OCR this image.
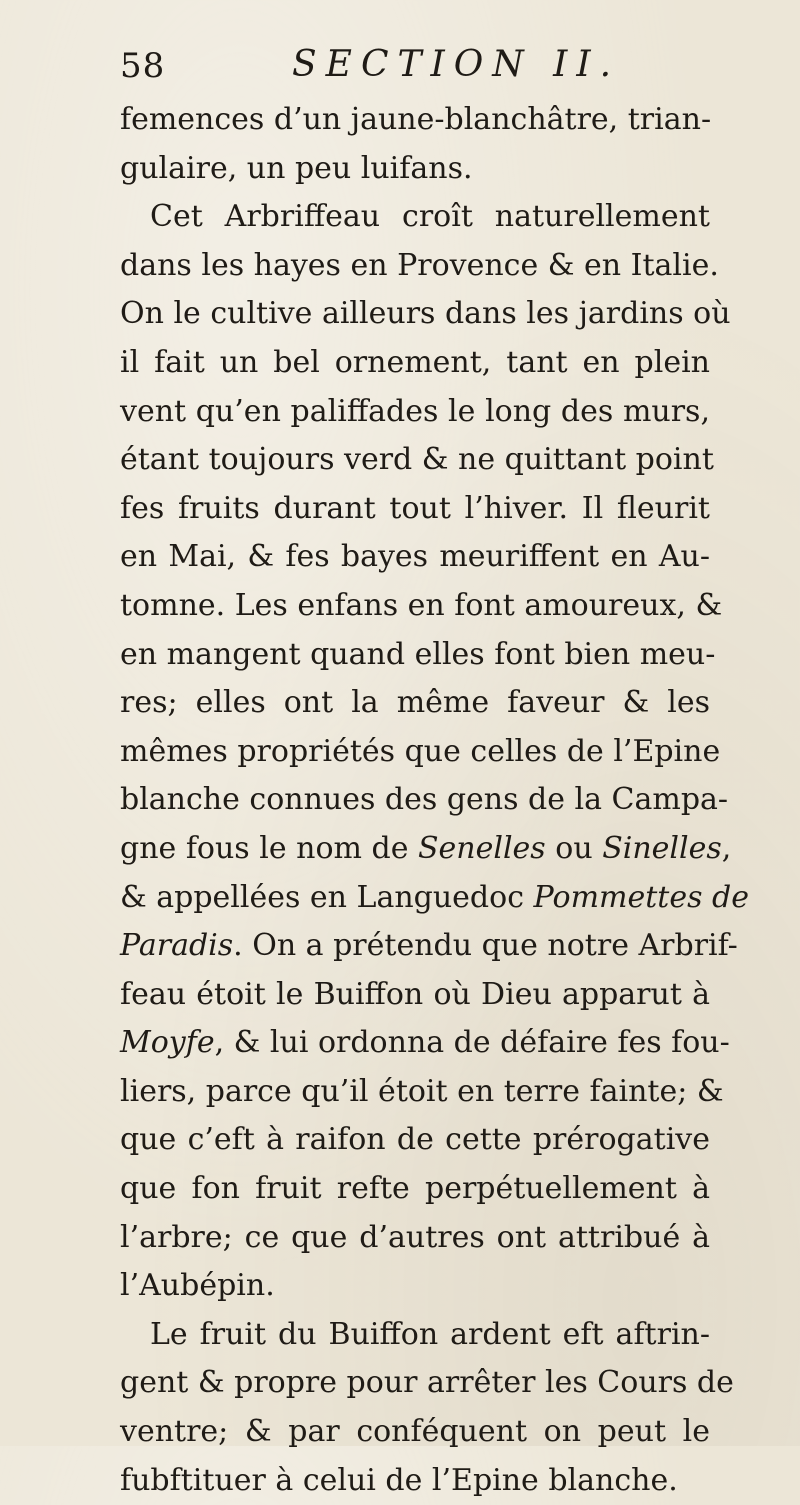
58	SECTION II.
femences d’un jaune-blanchâtre, trian-
gulaire, un peu luifans.
Cet Arbriffeau croît naturellement
dans les hayes en Provence & en Italie.
On le cultive ailleurs dans les jardins où
il fait un bel ornement, tant en plein
vent qu’en paliffades le long des murs,
étant toujours verd & ne quittant point
fes fruits durant tout l’hiver. Il fleurit
en Mai, & fes bayes meuriffent en Au-
tomne. Les enfans en font amoureux, &
en mangent quand elles font bien meu-
res; elles ont la même faveur & les
mêmes propriétés que celles de l’Epine
blanche connues des gens de la Campa-
gne fous le nom de Senelles ou Sinelles,
& appellées en Languedoc Pommettes de
Paradis. On a prétendu que notre Arbrif-
feau étoit le Buiffon où Dieu apparut à
Moyfe, & lui ordonna de défaire fes fou-
liers, parce qu’il étoit en terre fainte; &
que c’eft à raifon de cette prérogative
que fon fruit refte perpétuellement à
l’arbre; ce que d’autres ont attribué à
l’Aubépin.
Le fruit du Buiffon ardent eft aftrin-
gent & propre pour arrêter les Cours de
ventre; & par conféquent on peut le
fubftituer à celui de l’Epine blanche.
